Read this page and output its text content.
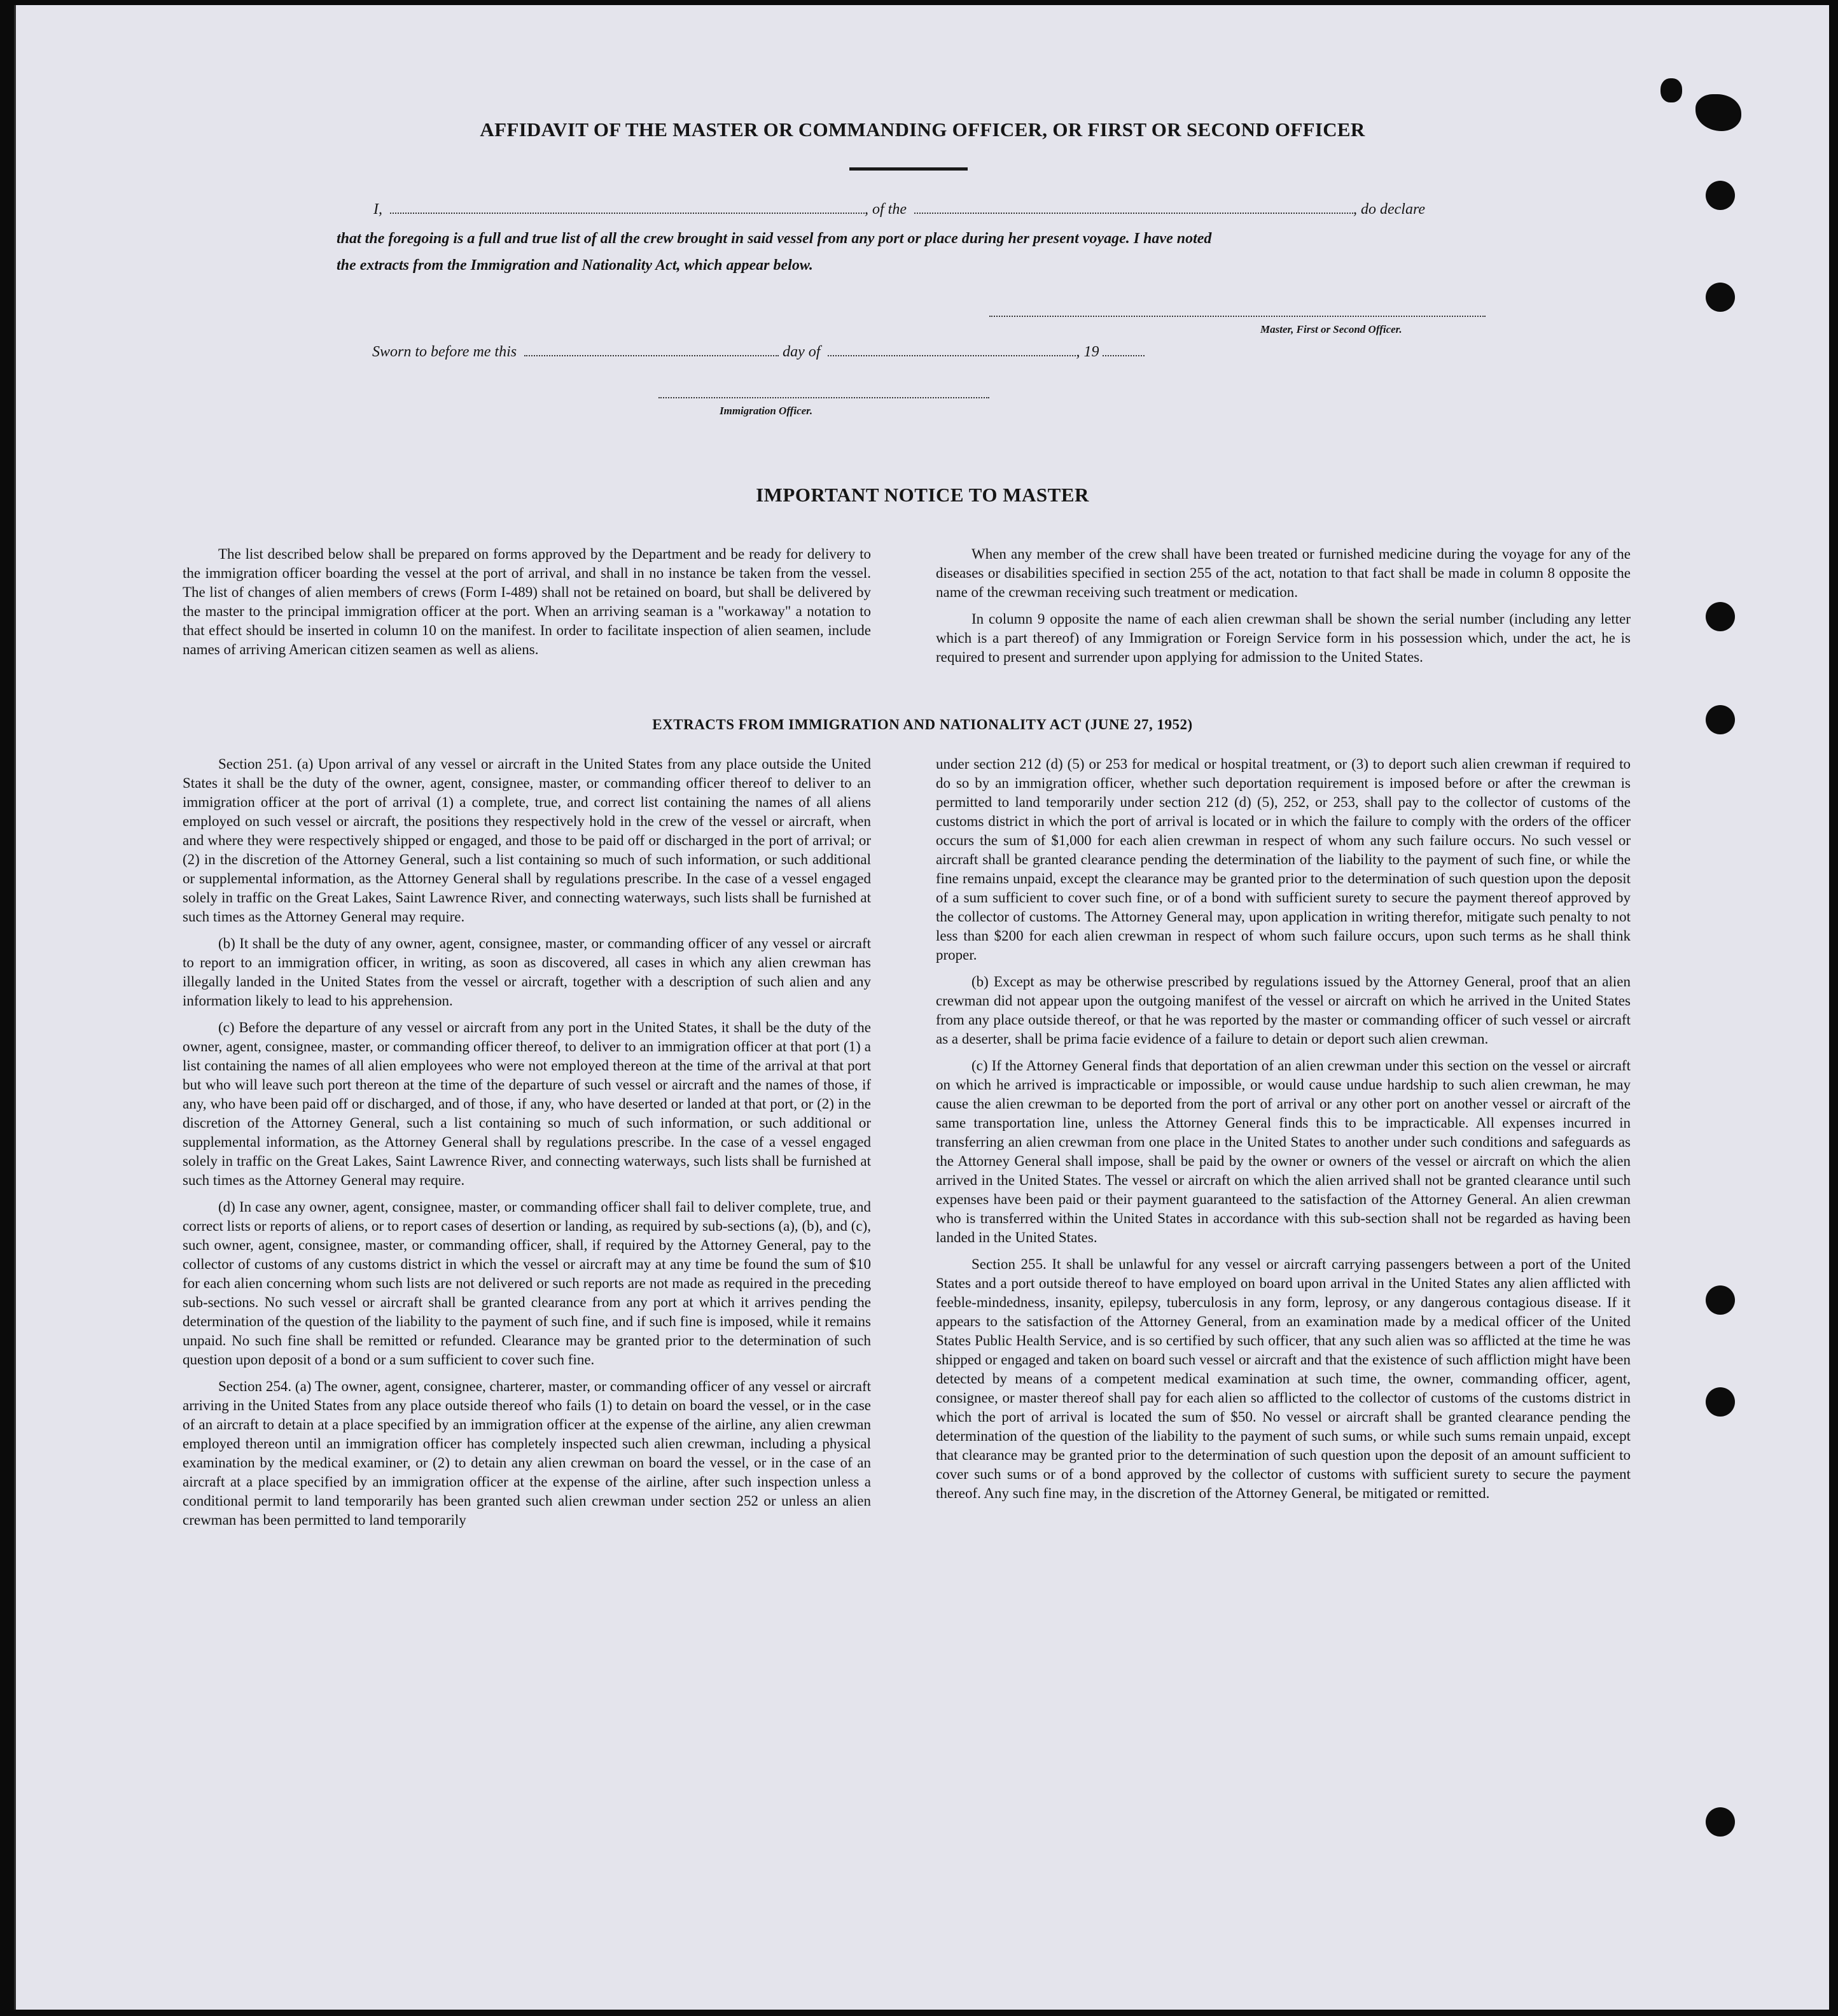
AFFIDAVIT OF THE MASTER OR COMMANDING OFFICER, OR FIRST OR SECOND OFFICER
I,	, of the	, do declare
that the foregoing is a full and true list of all the crew brought in said vessel from any port or place during her present voyage. I have noted
the extracts from the Immigration and Nationality Act, which appear below.
Master, First or Second Officer.
Sworn to before me this	day of	, 19
Immigration Officer.
IMPORTANT NOTICE TO MASTER

The list described below shall be prepared on forms approved by the Department and be ready for delivery to the immigration officer boarding the vessel at the port of arrival, and shall in no instance be taken from the vessel. The list of changes of alien members of crews (Form I-489) shall not be retained on board, but shall be delivered by the master to the principal immigration officer at the port. When an arriving seaman is a "workaway" a notation to that effect should be inserted in column 10 on the manifest. In order to facilitate inspection of alien seamen, include names of arriving American citizen seamen as well as aliens.

When any member of the crew shall have been treated or furnished medicine during the voyage for any of the diseases or disabilities specified in section 255 of the act, notation to that fact shall be made in column 8 opposite the name of the crewman receiving such treatment or medication.

In column 9 opposite the name of each alien crewman shall be shown the serial number (including any letter which is a part thereof) of any Immigration or Foreign Service form in his possession which, under the act, he is required to present and surrender upon applying for admission to the United States.

EXTRACTS FROM IMMIGRATION AND NATIONALITY ACT (JUNE 27, 1952)

Section 251. (a) Upon arrival of any vessel or aircraft in the United States from any place outside the United States it shall be the duty of the owner, agent, consignee, master, or commanding officer thereof to deliver to an immigration officer at the port of arrival (1) a complete, true, and correct list containing the names of all aliens employed on such vessel or aircraft, the positions they respectively hold in the crew of the vessel or aircraft, when and where they were respectively shipped or engaged, and those to be paid off or discharged in the port of arrival; or (2) in the discretion of the Attorney General, such a list containing so much of such information, or such additional or supplemental information, as the Attorney General shall by regulations prescribe. In the case of a vessel engaged solely in traffic on the Great Lakes, Saint Lawrence River, and connecting waterways, such lists shall be furnished at such times as the Attorney General may require.

(b) It shall be the duty of any owner, agent, consignee, master, or commanding officer of any vessel or aircraft to report to an immigration officer, in writing, as soon as discovered, all cases in which any alien crewman has illegally landed in the United States from the vessel or aircraft, together with a description of such alien and any information likely to lead to his apprehension.

(c) Before the departure of any vessel or aircraft from any port in the United States, it shall be the duty of the owner, agent, consignee, master, or commanding officer thereof, to deliver to an immigration officer at that port (1) a list containing the names of all alien employees who were not employed thereon at the time of the arrival at that port but who will leave such port thereon at the time of the departure of such vessel or aircraft and the names of those, if any, who have been paid off or discharged, and of those, if any, who have deserted or landed at that port, or (2) in the discretion of the Attorney General, such a list containing so much of such information, or such additional or supplemental information, as the Attorney General shall by regulations prescribe. In the case of a vessel engaged solely in traffic on the Great Lakes, Saint Lawrence River, and connecting waterways, such lists shall be furnished at such times as the Attorney General may require.

(d) In case any owner, agent, consignee, master, or commanding officer shall fail to deliver complete, true, and correct lists or reports of aliens, or to report cases of desertion or landing, as required by sub-sections (a), (b), and (c), such owner, agent, consignee, master, or commanding officer, shall, if required by the Attorney General, pay to the collector of customs of any customs district in which the vessel or aircraft may at any time be found the sum of $10 for each alien concerning whom such lists are not delivered or such reports are not made as required in the preceding sub-sections. No such vessel or aircraft shall be granted clearance from any port at which it arrives pending the determination of the question of the liability to the payment of such fine, and if such fine is imposed, while it remains unpaid. No such fine shall be remitted or refunded. Clearance may be granted prior to the determination of such question upon deposit of a bond or a sum sufficient to cover such fine.

Section 254. (a) The owner, agent, consignee, charterer, master, or commanding officer of any vessel or aircraft arriving in the United States from any place outside thereof who fails (1) to detain on board the vessel, or in the case of an aircraft to detain at a place specified by an immigration officer at the expense of the airline, any alien crewman employed thereon until an immigration officer has completely inspected such alien crewman, including a physical examination by the medical examiner, or (2) to detain any alien crewman on board the vessel, or in the case of an aircraft at a place specified by an immigration officer at the expense of the airline, after such inspection unless a conditional permit to land temporarily has been granted such alien crewman under section 252 or unless an alien crewman has been permitted to land temporarily

under section 212 (d) (5) or 253 for medical or hospital treatment, or (3) to deport such alien crewman if required to do so by an immigration officer, whether such deportation requirement is imposed before or after the crewman is permitted to land temporarily under section 212 (d) (5), 252, or 253, shall pay to the collector of customs of the customs district in which the port of arrival is located or in which the failure to comply with the orders of the officer occurs the sum of $1,000 for each alien crewman in respect of whom any such failure occurs. No such vessel or aircraft shall be granted clearance pending the determination of the liability to the payment of such fine, or while the fine remains unpaid, except the clearance may be granted prior to the determination of such question upon the deposit of a sum sufficient to cover such fine, or of a bond with sufficient surety to secure the payment thereof approved by the collector of customs. The Attorney General may, upon application in writing therefor, mitigate such penalty to not less than $200 for each alien crewman in respect of whom such failure occurs, upon such terms as he shall think proper.

(b) Except as may be otherwise prescribed by regulations issued by the Attorney General, proof that an alien crewman did not appear upon the outgoing manifest of the vessel or aircraft on which he arrived in the United States from any place outside thereof, or that he was reported by the master or commanding officer of such vessel or aircraft as a deserter, shall be prima facie evidence of a failure to detain or deport such alien crewman.

(c) If the Attorney General finds that deportation of an alien crewman under this section on the vessel or aircraft on which he arrived is impracticable or impossible, or would cause undue hardship to such alien crewman, he may cause the alien crewman to be deported from the port of arrival or any other port on another vessel or aircraft of the same transportation line, unless the Attorney General finds this to be impracticable. All expenses incurred in transferring an alien crewman from one place in the United States to another under such conditions and safeguards as the Attorney General shall impose, shall be paid by the owner or owners of the vessel or aircraft on which the alien arrived in the United States. The vessel or aircraft on which the alien arrived shall not be granted clearance until such expenses have been paid or their payment guaranteed to the satisfaction of the Attorney General. An alien crewman who is transferred within the United States in accordance with this sub-section shall not be regarded as having been landed in the United States.

Section 255. It shall be unlawful for any vessel or aircraft carrying passengers between a port of the United States and a port outside thereof to have employed on board upon arrival in the United States any alien afflicted with feeble-mindedness, insanity, epilepsy, tuberculosis in any form, leprosy, or any dangerous contagious disease. If it appears to the satisfaction of the Attorney General, from an examination made by a medical officer of the United States Public Health Service, and is so certified by such officer, that any such alien was so afflicted at the time he was shipped or engaged and taken on board such vessel or aircraft and that the existence of such affliction might have been detected by means of a competent medical examination at such time, the owner, commanding officer, agent, consignee, or master thereof shall pay for each alien so afflicted to the collector of customs of the customs district in which the port of arrival is located the sum of $50. No vessel or aircraft shall be granted clearance pending the determination of the question of the liability to the payment of such sums, or while such sums remain unpaid, except that clearance may be granted prior to the determination of such question upon the deposit of an amount sufficient to cover such sums or of a bond approved by the collector of customs with sufficient surety to secure the payment thereof. Any such fine may, in the discretion of the Attorney General, be mitigated or remitted.
